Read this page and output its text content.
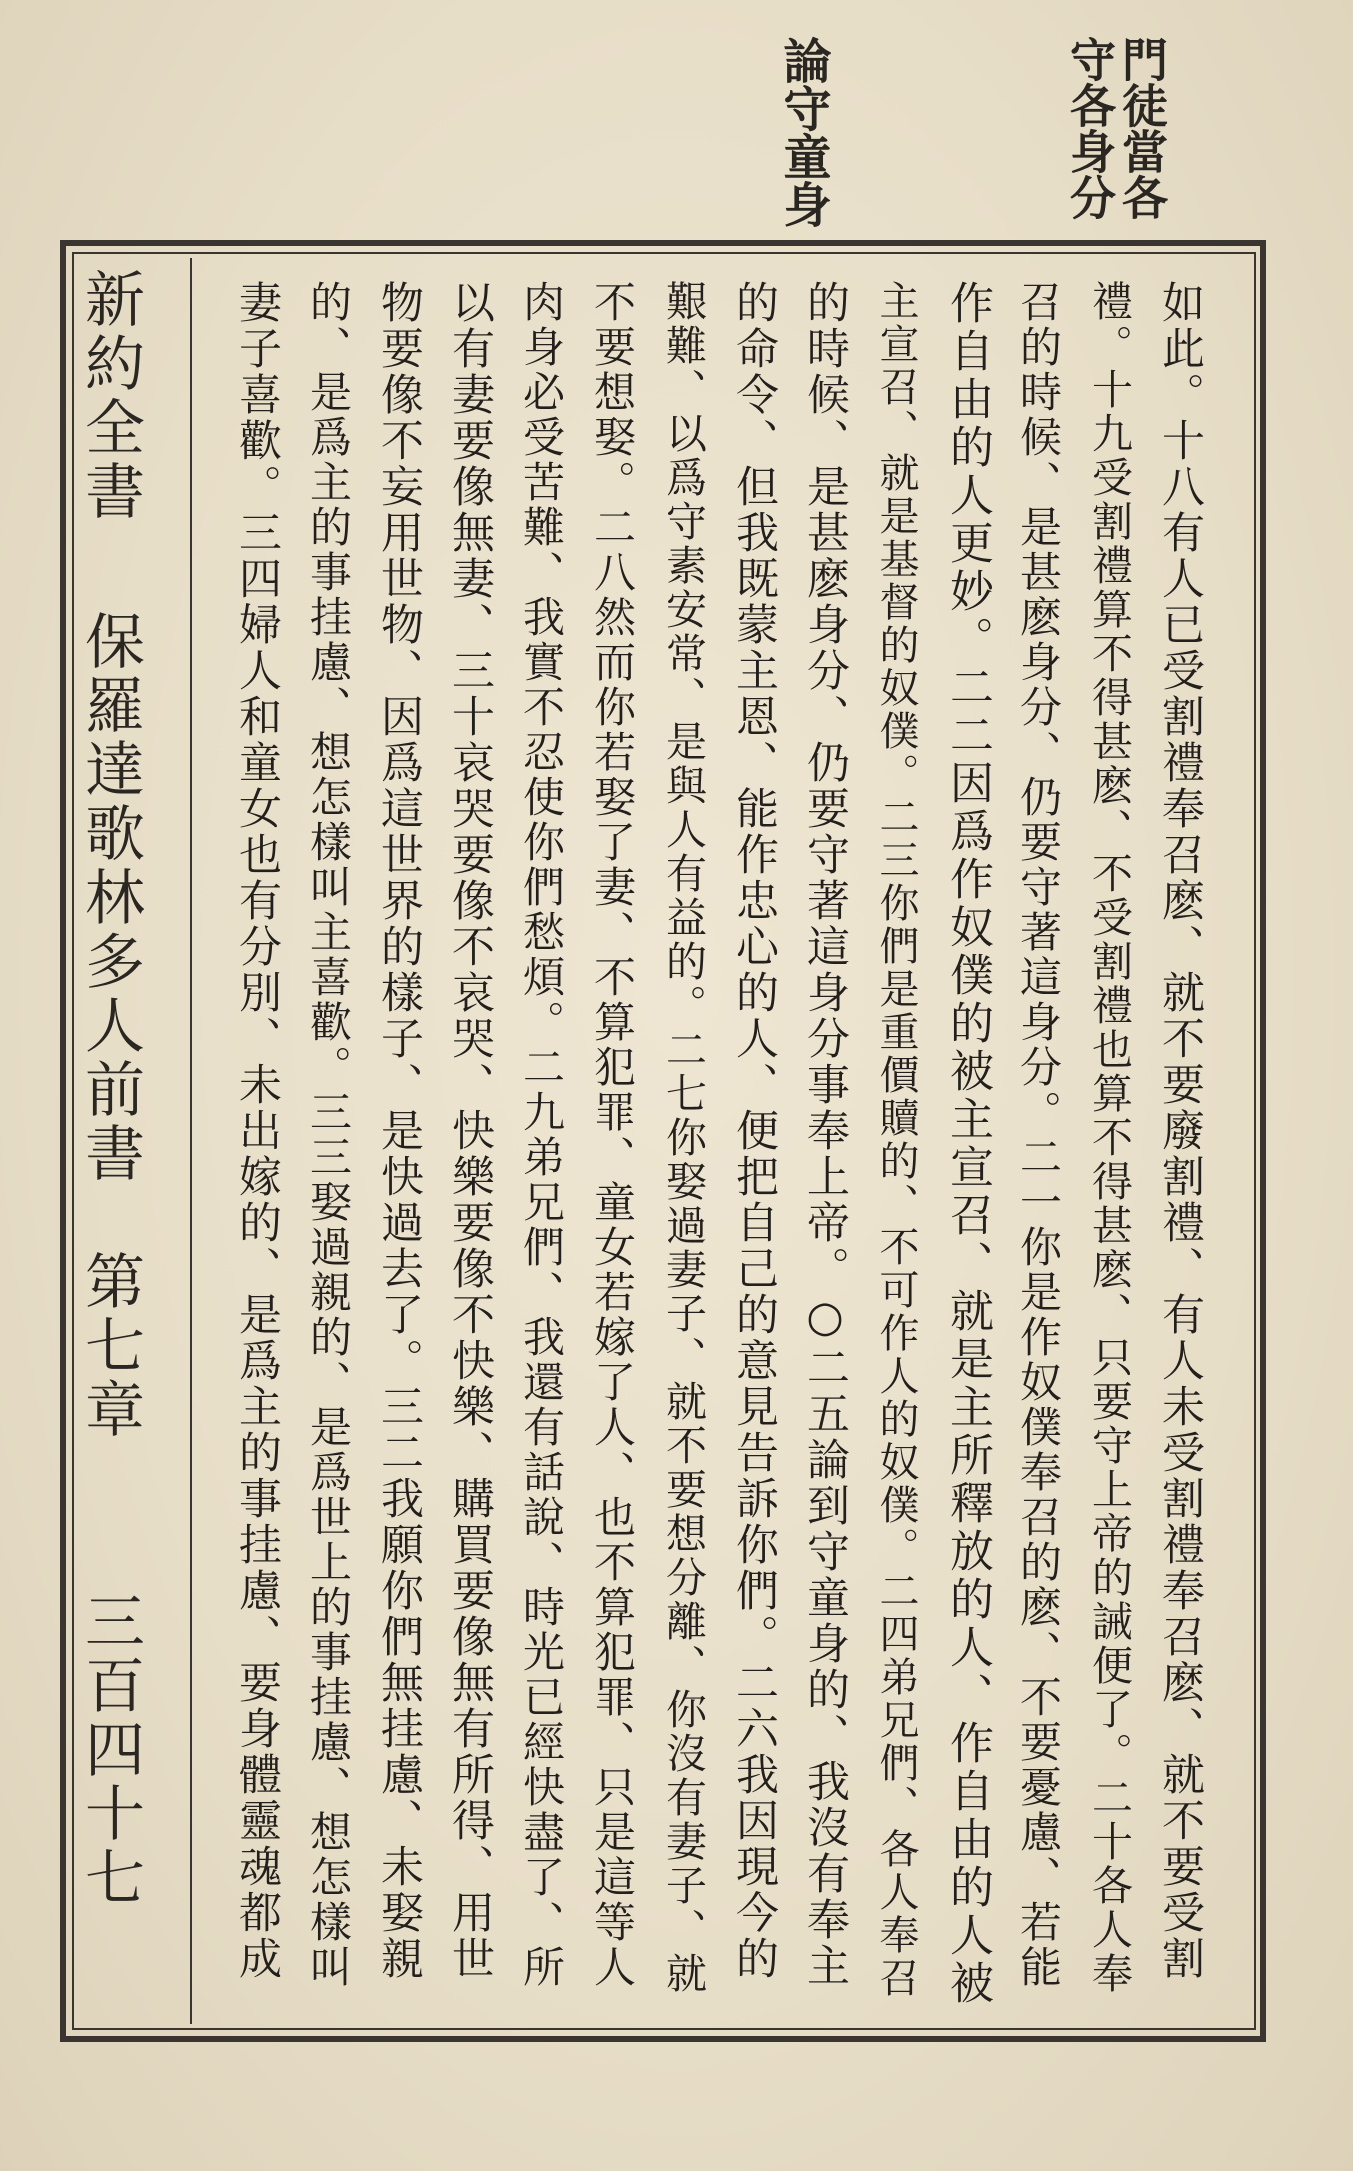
門徒當各守各身分
論守童身
新約全書
保羅達歌林多人前書　第七章
三百四十七	如此。十八有人已受割禮奉召麽、就不要廢割禮、有人未受割禮奉召麽、就不要受割
禮。十九受割禮算不得甚麽、不受割禮也算不得甚麽、只要守上帝的誡便了。二十各人奉
召的時候、是甚麽身分、仍要守著這身分。二一你是作奴僕奉召的麽、不要憂慮、若能
作自由的人更妙。二二因爲作奴僕的被主宣召、就是主所釋放的人、作自由的人被
主宣召、就是基督的奴僕。二三你們是重價贖的、不可作人的奴僕。二四弟兄們、各人奉召
的時候、是甚麽身分、仍要守著這身分事奉上帝。○二五論到守童身的、我沒有奉主
的命令、但我既蒙主恩、能作忠心的人、便把自己的意見告訴你們。二六我因現今的
艱難、以爲守素安常、是與人有益的。二七你娶過妻子、就不要想分離、你沒有妻子、就
不要想娶。二八然而你若娶了妻、不算犯罪、童女若嫁了人、也不算犯罪、只是這等人
肉身必受苦難、我實不忍使你們愁煩。二九弟兄們、我還有話說、時光已經快盡了、所
以有妻要像無妻、三十哀哭要像不哀哭、快樂要像不快樂、購買要像無有所得、用世
物要像不妄用世物、因爲這世界的樣子、是快過去了。三二我願你們無挂慮、未娶親
的、是爲主的事挂慮、想怎樣叫主喜歡。三三娶過親的、是爲世上的事挂慮、想怎樣叫
妻子喜歡。三四婦人和童女也有分別、未出嫁的、是爲主的事挂慮、要身體靈魂都成
